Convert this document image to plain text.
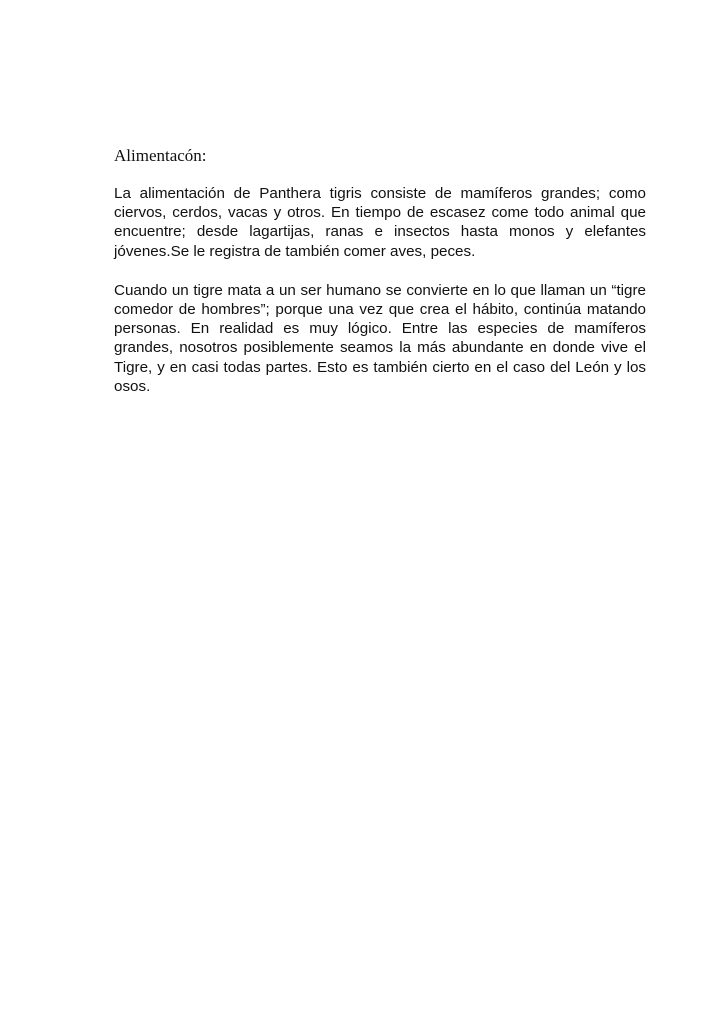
Alimentacón:

La alimentación de Panthera tigris consiste de mamíferos grandes; como ciervos, cerdos, vacas y otros. En tiempo de escasez come todo animal que encuentre; desde lagartijas, ranas e insectos hasta monos y elefantes jóvenes.Se le registra de también comer aves, peces.

Cuando un tigre mata a un ser humano se convierte en lo que llaman un “tigre comedor de hombres”; porque una vez que crea el hábito, continúa matando personas. En realidad es muy lógico. Entre las especies de mamíferos grandes, nosotros posiblemente seamos la más abundante en donde vive el Tigre, y en casi todas partes. Esto es también cierto en el caso del León y los osos.
